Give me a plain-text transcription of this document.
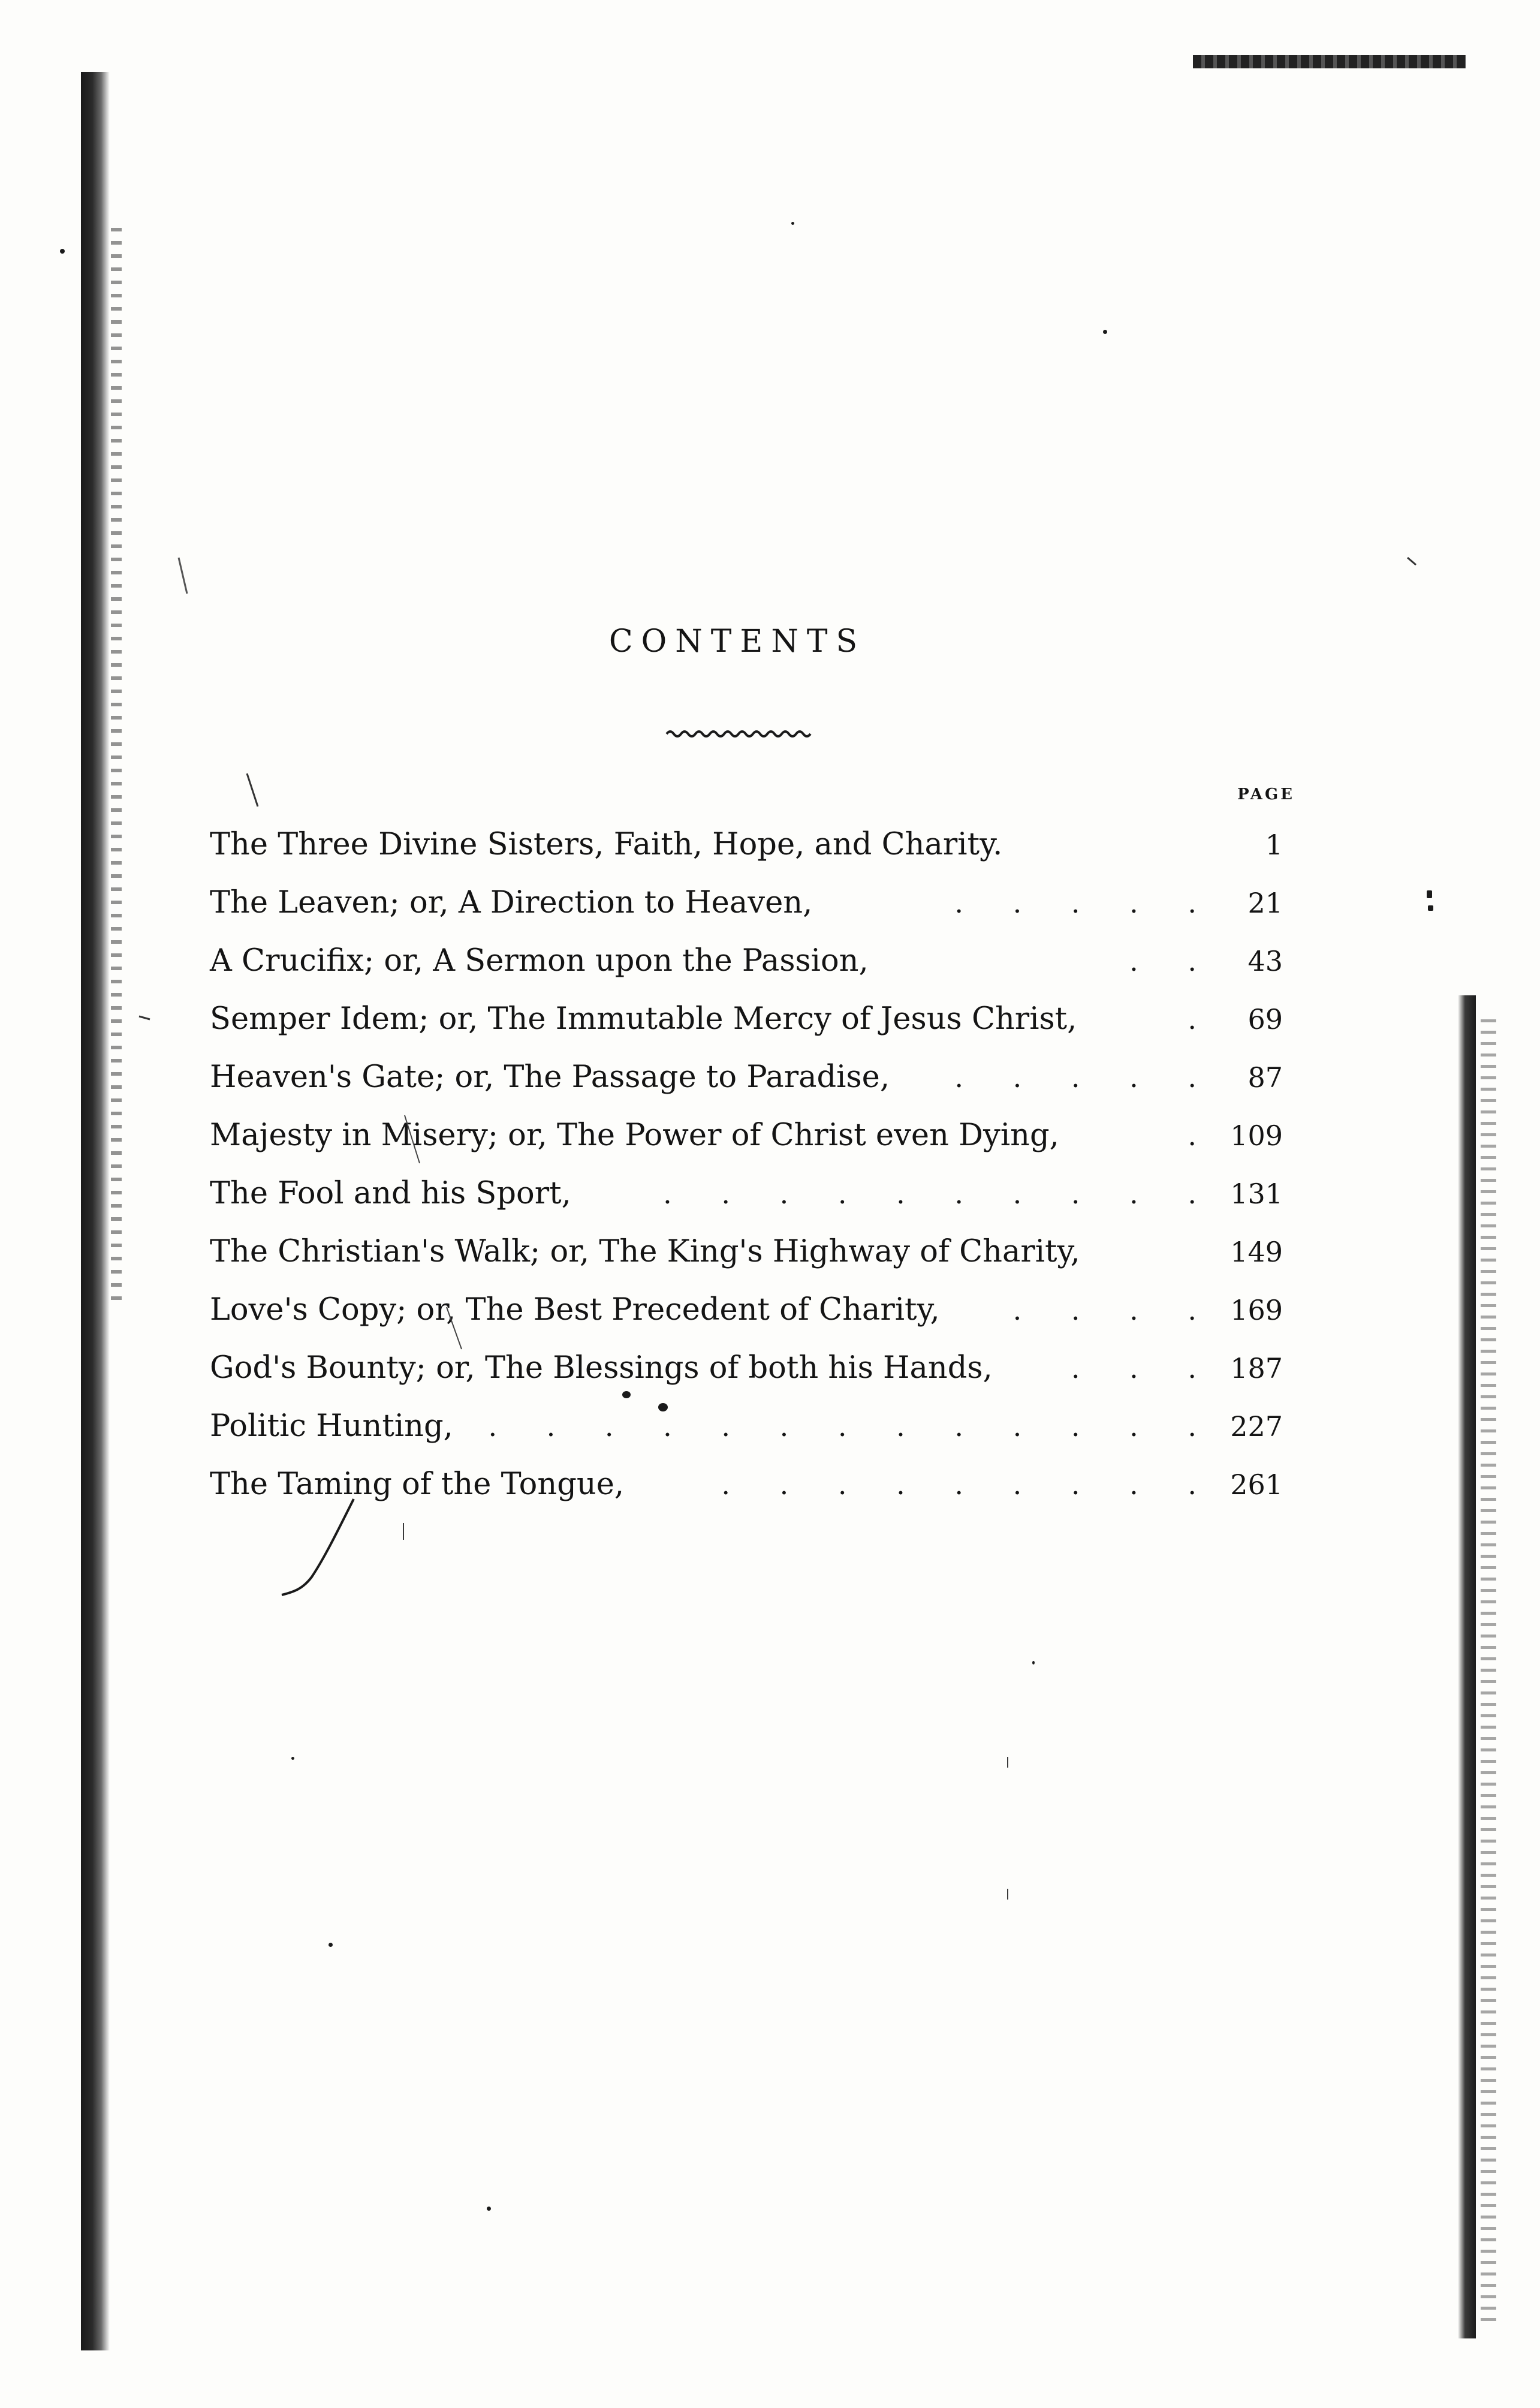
CONTENTS
PAGE
The Three Divine Sisters, Faith, Hope, and Charity.	1
The Leaven; or, A Direction to Heaven,	. . . . .	21
A Crucifix; or, A Sermon upon the Passion,	. .	43
Semper Idem; or, The Immutable Mercy of Jesus Christ,	.	69
Heaven's Gate; or, The Passage to Paradise,	. . . . .	87
Majesty in Misery; or, The Power of Christ even Dying,	. 109
The Fool and his Sport,	. . . . . . . . . . 131
The Christian's Walk; or, The King's Highway of Charity,	149
Love's Copy; or, The Best Precedent of Charity,	. . . . 169
God's Bounty; or, The Blessings of both his Hands,	. . . 187
Politic Hunting,	. . . . . . . . . . . . . 227
The Taming of the Tongue,	. . . . . . . . . 261
